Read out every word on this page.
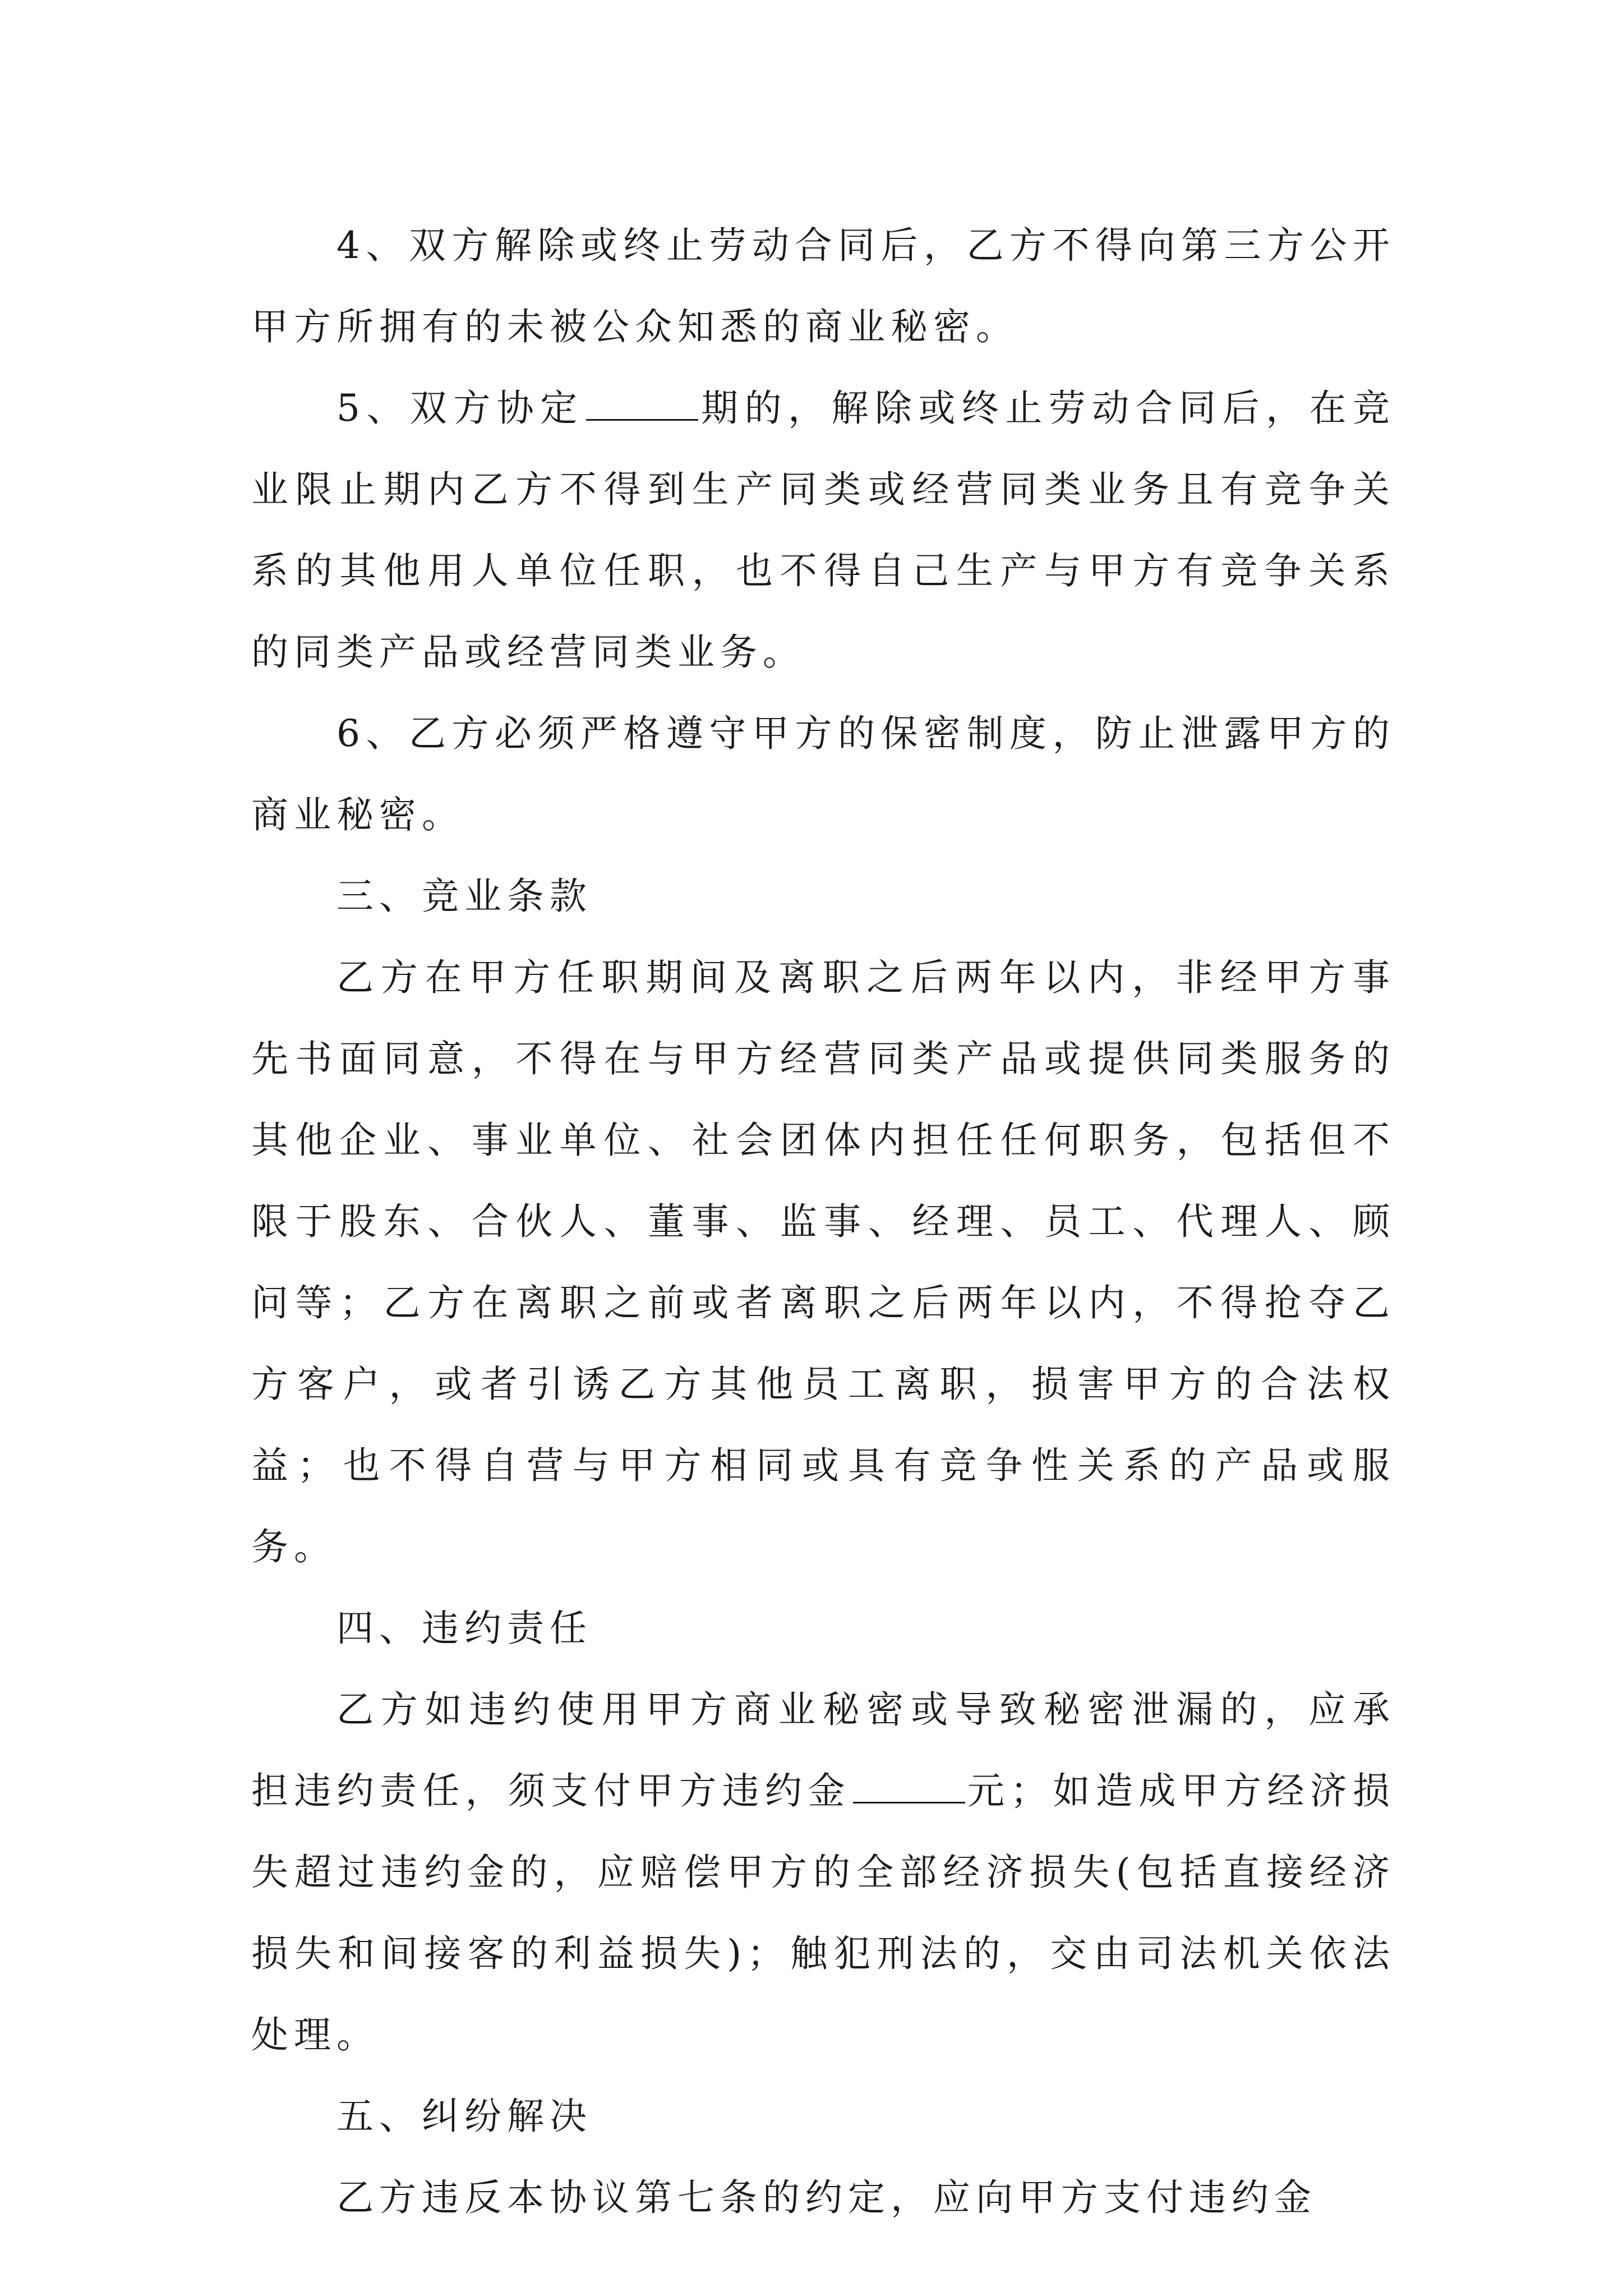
4、双方解除或终止劳动合同后，乙方不得向第三方公开甲方所拥有的未被公众知悉的商业秘密。

5、双方协定	期的，解除或终止劳动合同后，在竞业限止期内乙方不得到生产同类或经营同类业务且有竞争关系的其他用人单位任职，也不得自己生产与甲方有竞争关系的同类产品或经营同类业务。

6、乙方必须严格遵守甲方的保密制度，防止泄露甲方的商业秘密。

三、竞业条款

乙方在甲方任职期间及离职之后两年以内，非经甲方事先书面同意，不得在与甲方经营同类产品或提供同类服务的其他企业、事业单位、社会团体内担任任何职务，包括但不限于股东、合伙人、董事、监事、经理、员工、代理人、顾问等；乙方在离职之前或者离职之后两年以内，不得抢夺乙方客户，或者引诱乙方其他员工离职，损害甲方的合法权益；也不得自营与甲方相同或具有竞争性关系的产品或服务。

四、违约责任

乙方如违约使用甲方商业秘密或导致秘密泄漏的，应承担违约责任，须支付甲方违约金	元；如造成甲方经济损失超过违约金的，应赔偿甲方的全部经济损失(包括直接经济损失和间接客的利益损失)；触犯刑法的，交由司法机关依法处理。

五、纠纷解决

乙方违反本协议第七条的约定，应向甲方支付违约金
